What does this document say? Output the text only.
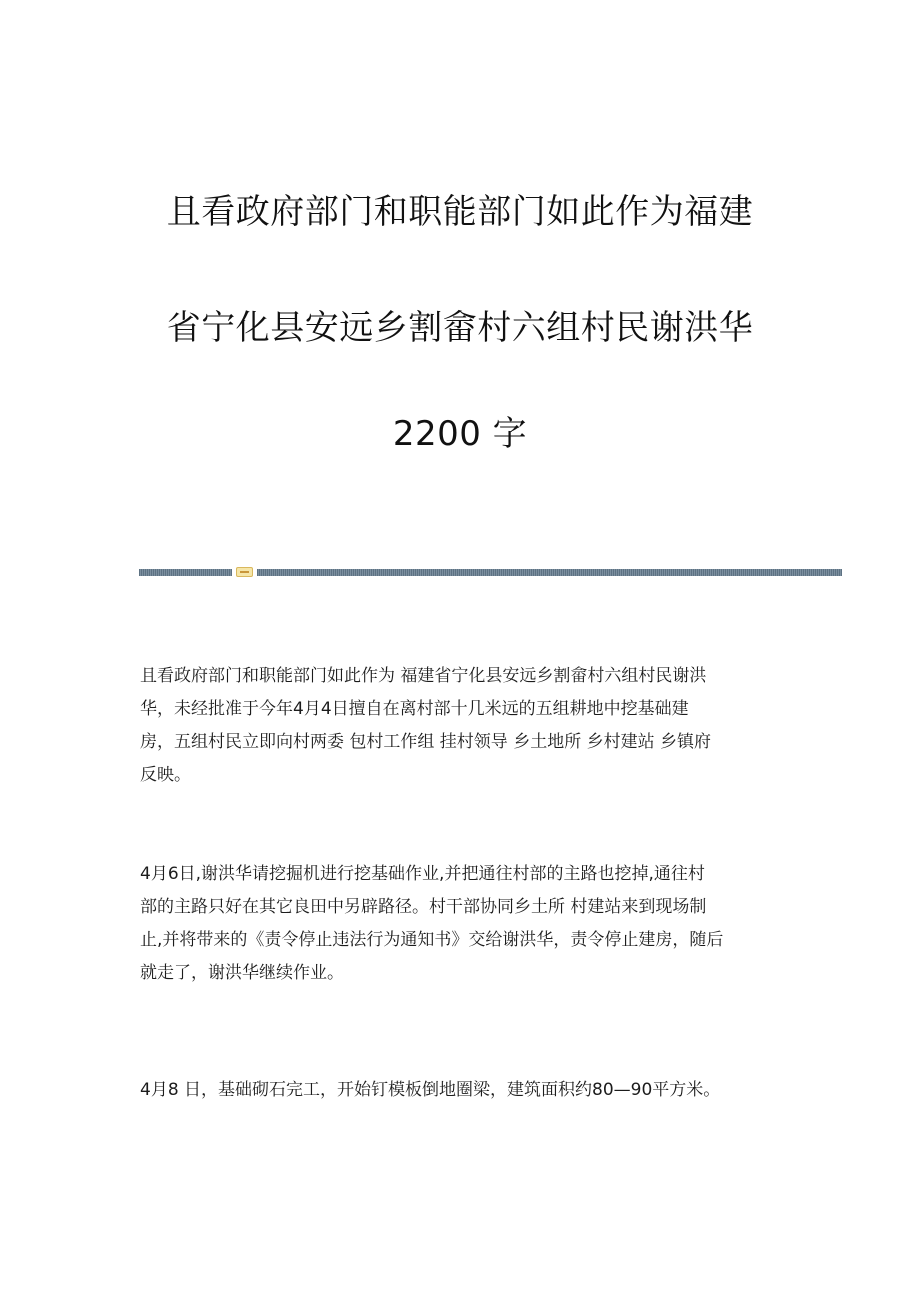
且看政府部门和职能部门如此作为福建
省宁化县安远乡割畲村六组村民谢洪华
2200 字
且看政府部门和职能部门如此作为 福建省宁化县安远乡割畲村六组村民谢洪
华，未经批准于今年4月4日擅自在离村部十几米远的五组耕地中挖基础建
房，五组村民立即向村两委 包村工作组 挂村领导 乡土地所 乡村建站 乡镇府
反映。
4月6日,谢洪华请挖掘机进行挖基础作业,并把通往村部的主路也挖掉,通往村
部的主路只好在其它良田中另辟路径。村干部协同乡土所 村建站来到现场制
止,并将带来的《责令停止违法行为通知书》交给谢洪华，责令停止建房，随后
就走了，谢洪华继续作业。
4月8 日，基础砌石完工，开始钉模板倒地圈梁，建筑面积约80—90平方米。
